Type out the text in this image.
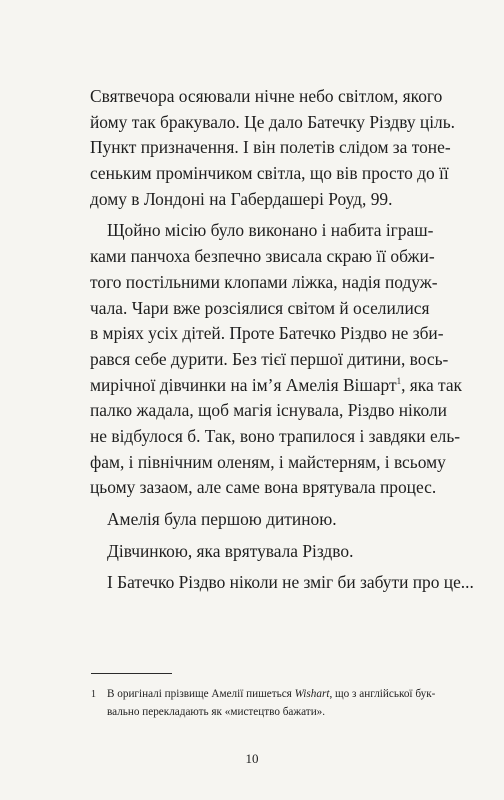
Святвечора осяювали нічне небо світлом, якого
йому так бракувало. Це дало Батечку Різдву ціль.
Пункт призначення. І він полетів слідом за тоне-
сеньким промінчиком світла, що вів просто до її
дому в Лондоні на Габердашері Роуд, 99.
Щойно місію було виконано і набита іграш-
ками панчоха безпечно звисала скраю її обжи-
того постільними клопами ліжка, надія подуж-
чала. Чари вже розсіялися світом й оселилися
в мріях усіх дітей. Проте Батечко Різдво не зби-
рався себе дурити. Без тієї першої дитини, вось-
мирічної дівчинки на ім’я Амелія Вішарт$^1$, яка так
палко жадала, щоб магія існувала, Різдво ніколи
не відбулося б. Так, воно трапилося і завдяки ель-
фам, і північним оленям, і майстерням, і всьому
цьому зазаом, але саме вона врятувала процес.
Амелія була першою дитиною.
Дівчинкою, яка врятувала Різдво.
І Батечко Різдво ніколи не зміг би забути про це...
1 В оригіналі прізвище Амелії пишеться Wishart, що з англійської бук-
вально перекладають як «мистецтво бажати».
10
